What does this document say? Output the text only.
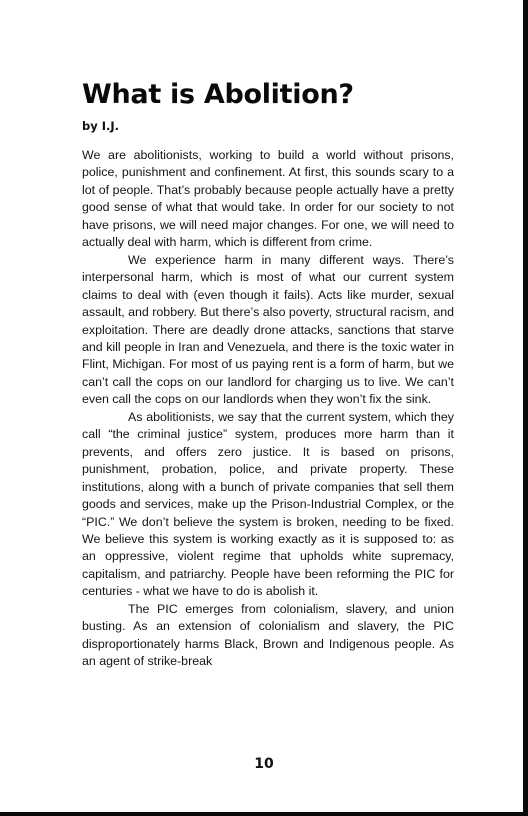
What is Abolition?

by I.J.

We are abolitionists, working to build a world without prisons, police, punishment and confinement. At first, this sounds scary to a lot of people. That’s probably because people actually have a pretty good sense of what that would take. In order for our society to not have prisons, we will need major changes. For one, we will need to actually deal with harm, which is different from crime.

We experience harm in many different ways. There’s interpersonal harm, which is most of what our current system claims to deal with (even though it fails). Acts like murder, sexual assault, and robbery. But there’s also poverty, structural racism, and exploitation. There are deadly drone attacks, sanctions that starve and kill people in Iran and Venezuela, and there is the toxic water in Flint, Michigan. For most of us paying rent is a form of harm, but we can’t call the cops on our landlord for charging us to live. We can’t even call the cops on our landlords when they won’t fix the sink.

As abolitionists, we say that the current system, which they call “the criminal justice” system, produces more harm than it prevents, and offers zero justice. It is based on prisons, punishment, probation, police, and private property. These institutions, along with a bunch of private companies that sell them goods and services, make up the Prison-Industrial Complex, or the “PIC.” We don’t believe the system is broken, needing to be fixed. We believe this system is working exactly as it is supposed to: as an oppressive, violent regime that upholds white supremacy, capitalism, and patriarchy. People have been reforming the PIC for centuries - what we have to do is abolish it.

The PIC emerges from colonialism, slavery, and union busting. As an extension of colonialism and slavery, the PIC disproportionately harms Black, Brown and Indigenous people. As an agent of strike-break

10
